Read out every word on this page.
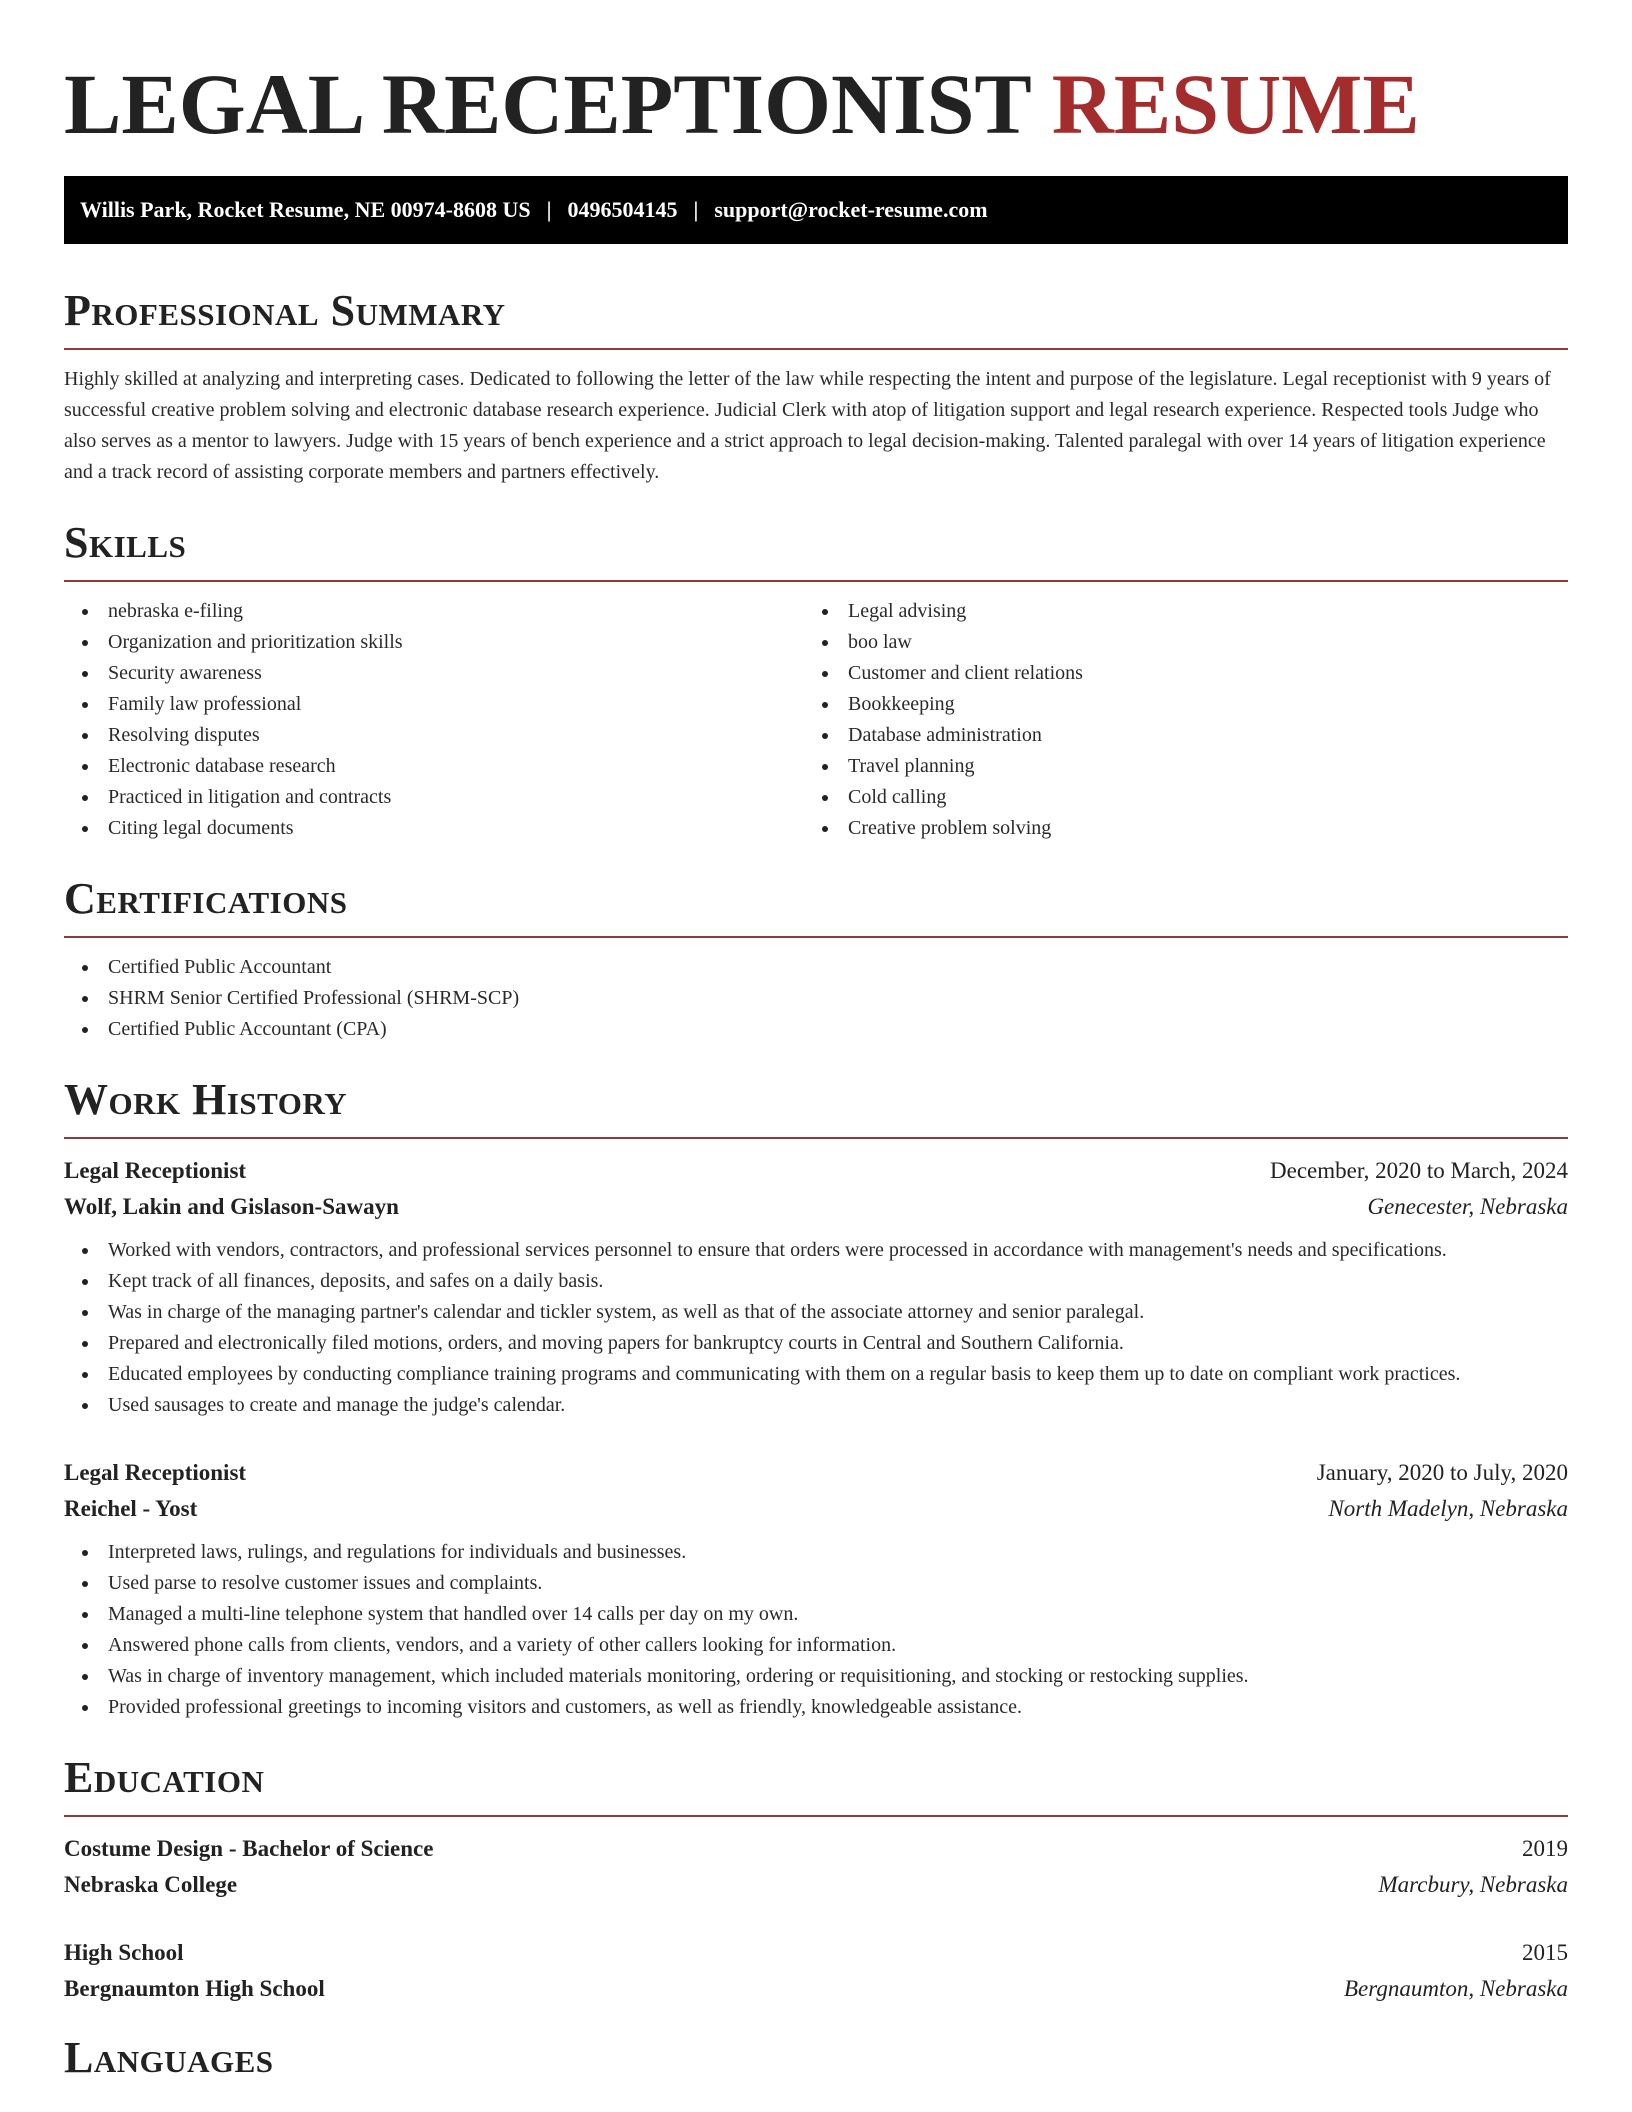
LEGAL RECEPTIONIST RESUME
Willis Park, Rocket Resume, NE 00974-8608 US | 0496504145 | support@rocket-resume.com
Professional Summary

Highly skilled at analyzing and interpreting cases. Dedicated to following the letter of the law while respecting the intent and purpose of the legislature. Legal receptionist with 9 years of successful creative problem solving and electronic database research experience. Judicial Clerk with atop of litigation support and legal research experience. Respected tools Judge who also serves as a mentor to lawyers. Judge with 15 years of bench experience and a strict approach to legal decision-making. Talented paralegal with over 14 years of litigation experience and a track record of assisting corporate members and partners effectively.

Skills
nebraska e-filing
Organization and prioritization skills
Security awareness
Family law professional
Resolving disputes
Electronic database research
Practiced in litigation and contracts
Citing legal documents
Legal advising
boo law
Customer and client relations
Bookkeeping
Database administration
Travel planning
Cold calling
Creative problem solving
Certifications
Certified Public Accountant
SHRM Senior Certified Professional (SHRM-SCP)
Certified Public Accountant (CPA)
Work History
Legal Receptionist	December, 2020 to March, 2024
Wolf, Lakin and Gislason-Sawayn	Genecester, Nebraska
Worked with vendors, contractors, and professional services personnel to ensure that orders were processed in accordance with management's needs and specifications.
Kept track of all finances, deposits, and safes on a daily basis.
Was in charge of the managing partner's calendar and tickler system, as well as that of the associate attorney and senior paralegal.
Prepared and electronically filed motions, orders, and moving papers for bankruptcy courts in Central and Southern California.
Educated employees by conducting compliance training programs and communicating with them on a regular basis to keep them up to date on compliant work practices.
Used sausages to create and manage the judge's calendar.
Legal Receptionist	January, 2020 to July, 2020
Reichel - Yost	North Madelyn, Nebraska
Interpreted laws, rulings, and regulations for individuals and businesses.
Used parse to resolve customer issues and complaints.
Managed a multi-line telephone system that handled over 14 calls per day on my own.
Answered phone calls from clients, vendors, and a variety of other callers looking for information.
Was in charge of inventory management, which included materials monitoring, ordering or requisitioning, and stocking or restocking supplies.
Provided professional greetings to incoming visitors and customers, as well as friendly, knowledgeable assistance.
Education
Costume Design - Bachelor of Science	2019
Nebraska College	Marcbury, Nebraska
High School	2015
Bergnaumton High School	Bergnaumton, Nebraska
Languages
